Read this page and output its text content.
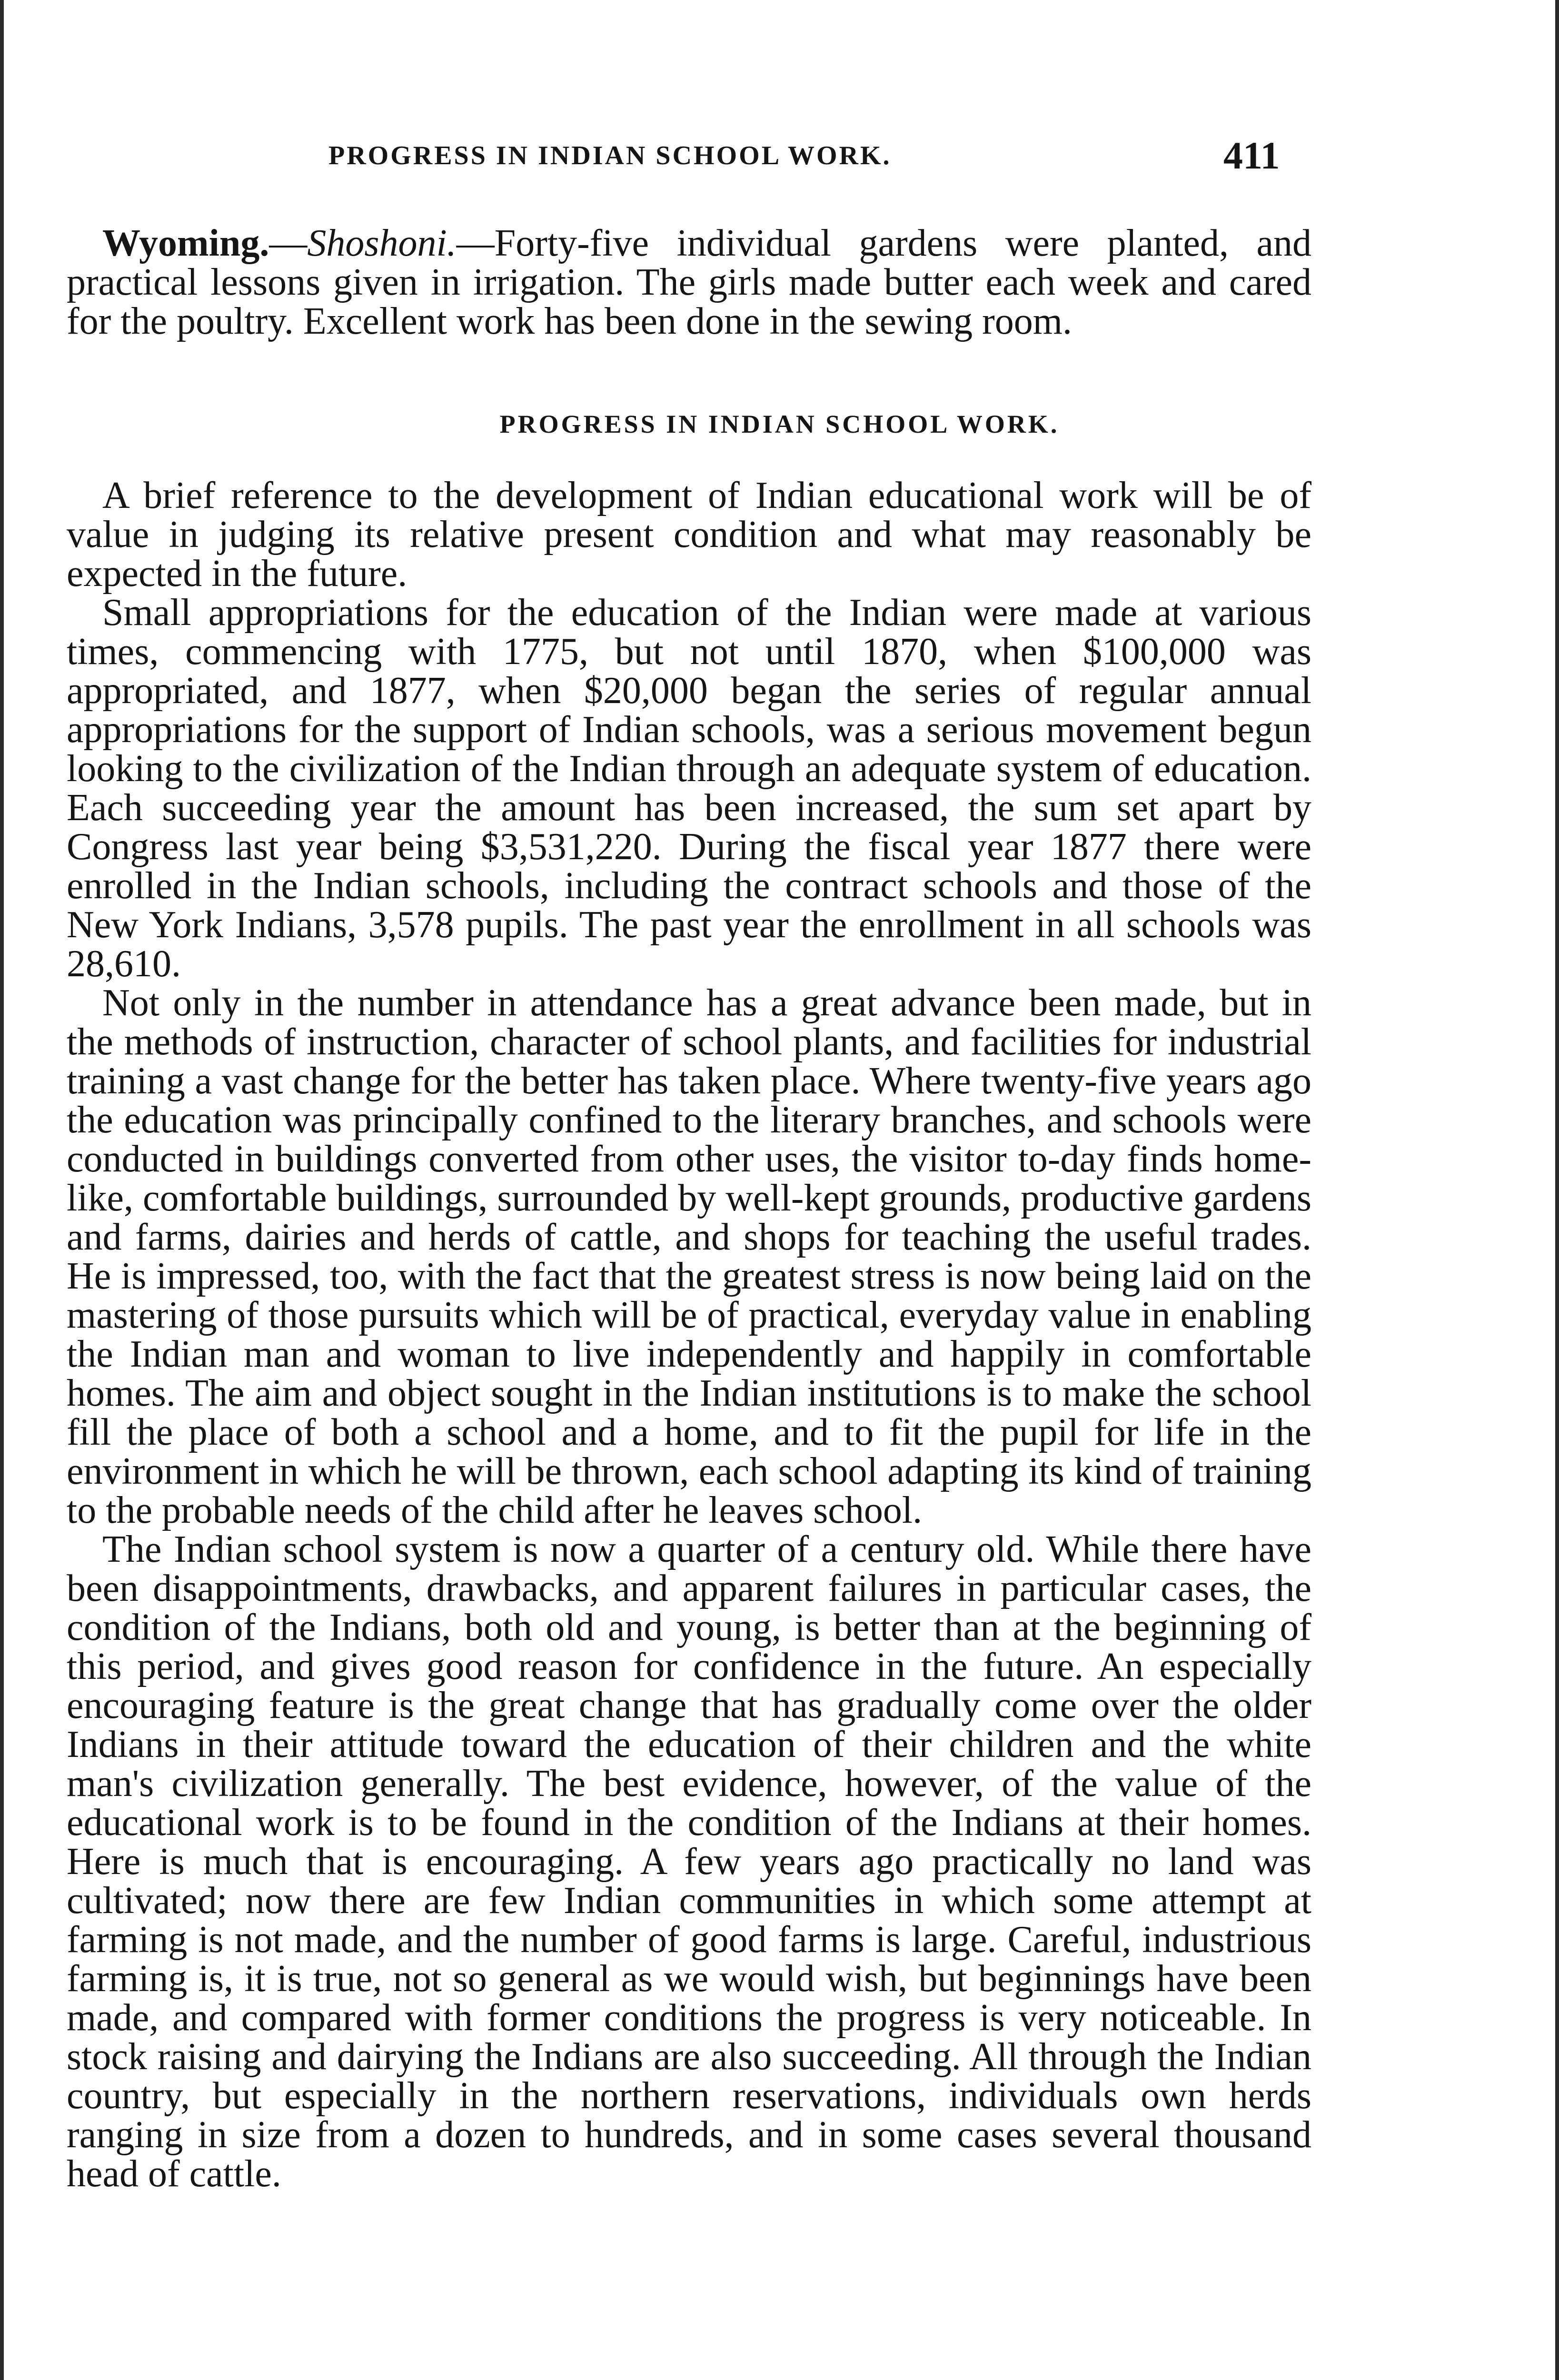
PROGRESS IN INDIAN SCHOOL WORK.	411

Wyoming.—Shoshoni.—Forty-five individual gardens were planted, and practical lessons given in irrigation. The girls made butter each week and cared for the poultry. Excellent work has been done in the sewing room.

PROGRESS IN INDIAN SCHOOL WORK.

A brief reference to the development of Indian educational work will be of value in judging its relative present condition and what may reasonably be expected in the future.

Small appropriations for the education of the Indian were made at various times, commencing with 1775, but not until 1870, when $100,000 was appropriated, and 1877, when $20,000 began the series of regular annual appropriations for the support of Indian schools, was a serious movement begun looking to the civilization of the Indian through an adequate system of education. Each succeeding year the amount has been increased, the sum set apart by Congress last year being $3,531,220. During the fiscal year 1877 there were enrolled in the Indian schools, including the contract schools and those of the New York Indians, 3,578 pupils. The past year the enrollment in all schools was 28,610.

Not only in the number in attendance has a great advance been made, but in the methods of instruction, character of school plants, and facilities for industrial training a vast change for the better has taken place. Where twenty-five years ago the education was principally confined to the literary branches, and schools were conducted in buildings converted from other uses, the visitor to-day finds home-like, comfortable buildings, surrounded by well-kept grounds, productive gardens and farms, dairies and herds of cattle, and shops for teaching the useful trades. He is impressed, too, with the fact that the greatest stress is now being laid on the mastering of those pursuits which will be of practical, everyday value in enabling the Indian man and woman to live independently and happily in comfortable homes. The aim and object sought in the Indian institutions is to make the school fill the place of both a school and a home, and to fit the pupil for life in the environment in which he will be thrown, each school adapting its kind of training to the probable needs of the child after he leaves school.

The Indian school system is now a quarter of a century old. While there have been disappointments, drawbacks, and apparent failures in particular cases, the condition of the Indians, both old and young, is better than at the beginning of this period, and gives good reason for confidence in the future. An especially encouraging feature is the great change that has gradually come over the older Indians in their attitude toward the education of their children and the white man's civilization generally. The best evidence, however, of the value of the educational work is to be found in the condition of the Indians at their homes. Here is much that is encouraging. A few years ago practically no land was cultivated; now there are few Indian communities in which some attempt at farming is not made, and the number of good farms is large. Careful, industrious farming is, it is true, not so general as we would wish, but beginnings have been made, and compared with former conditions the progress is very noticeable. In stock raising and dairying the Indians are also succeeding. All through the Indian country, but especially in the northern reservations, individuals own herds ranging in size from a dozen to hundreds, and in some cases several thousand head of cattle.
